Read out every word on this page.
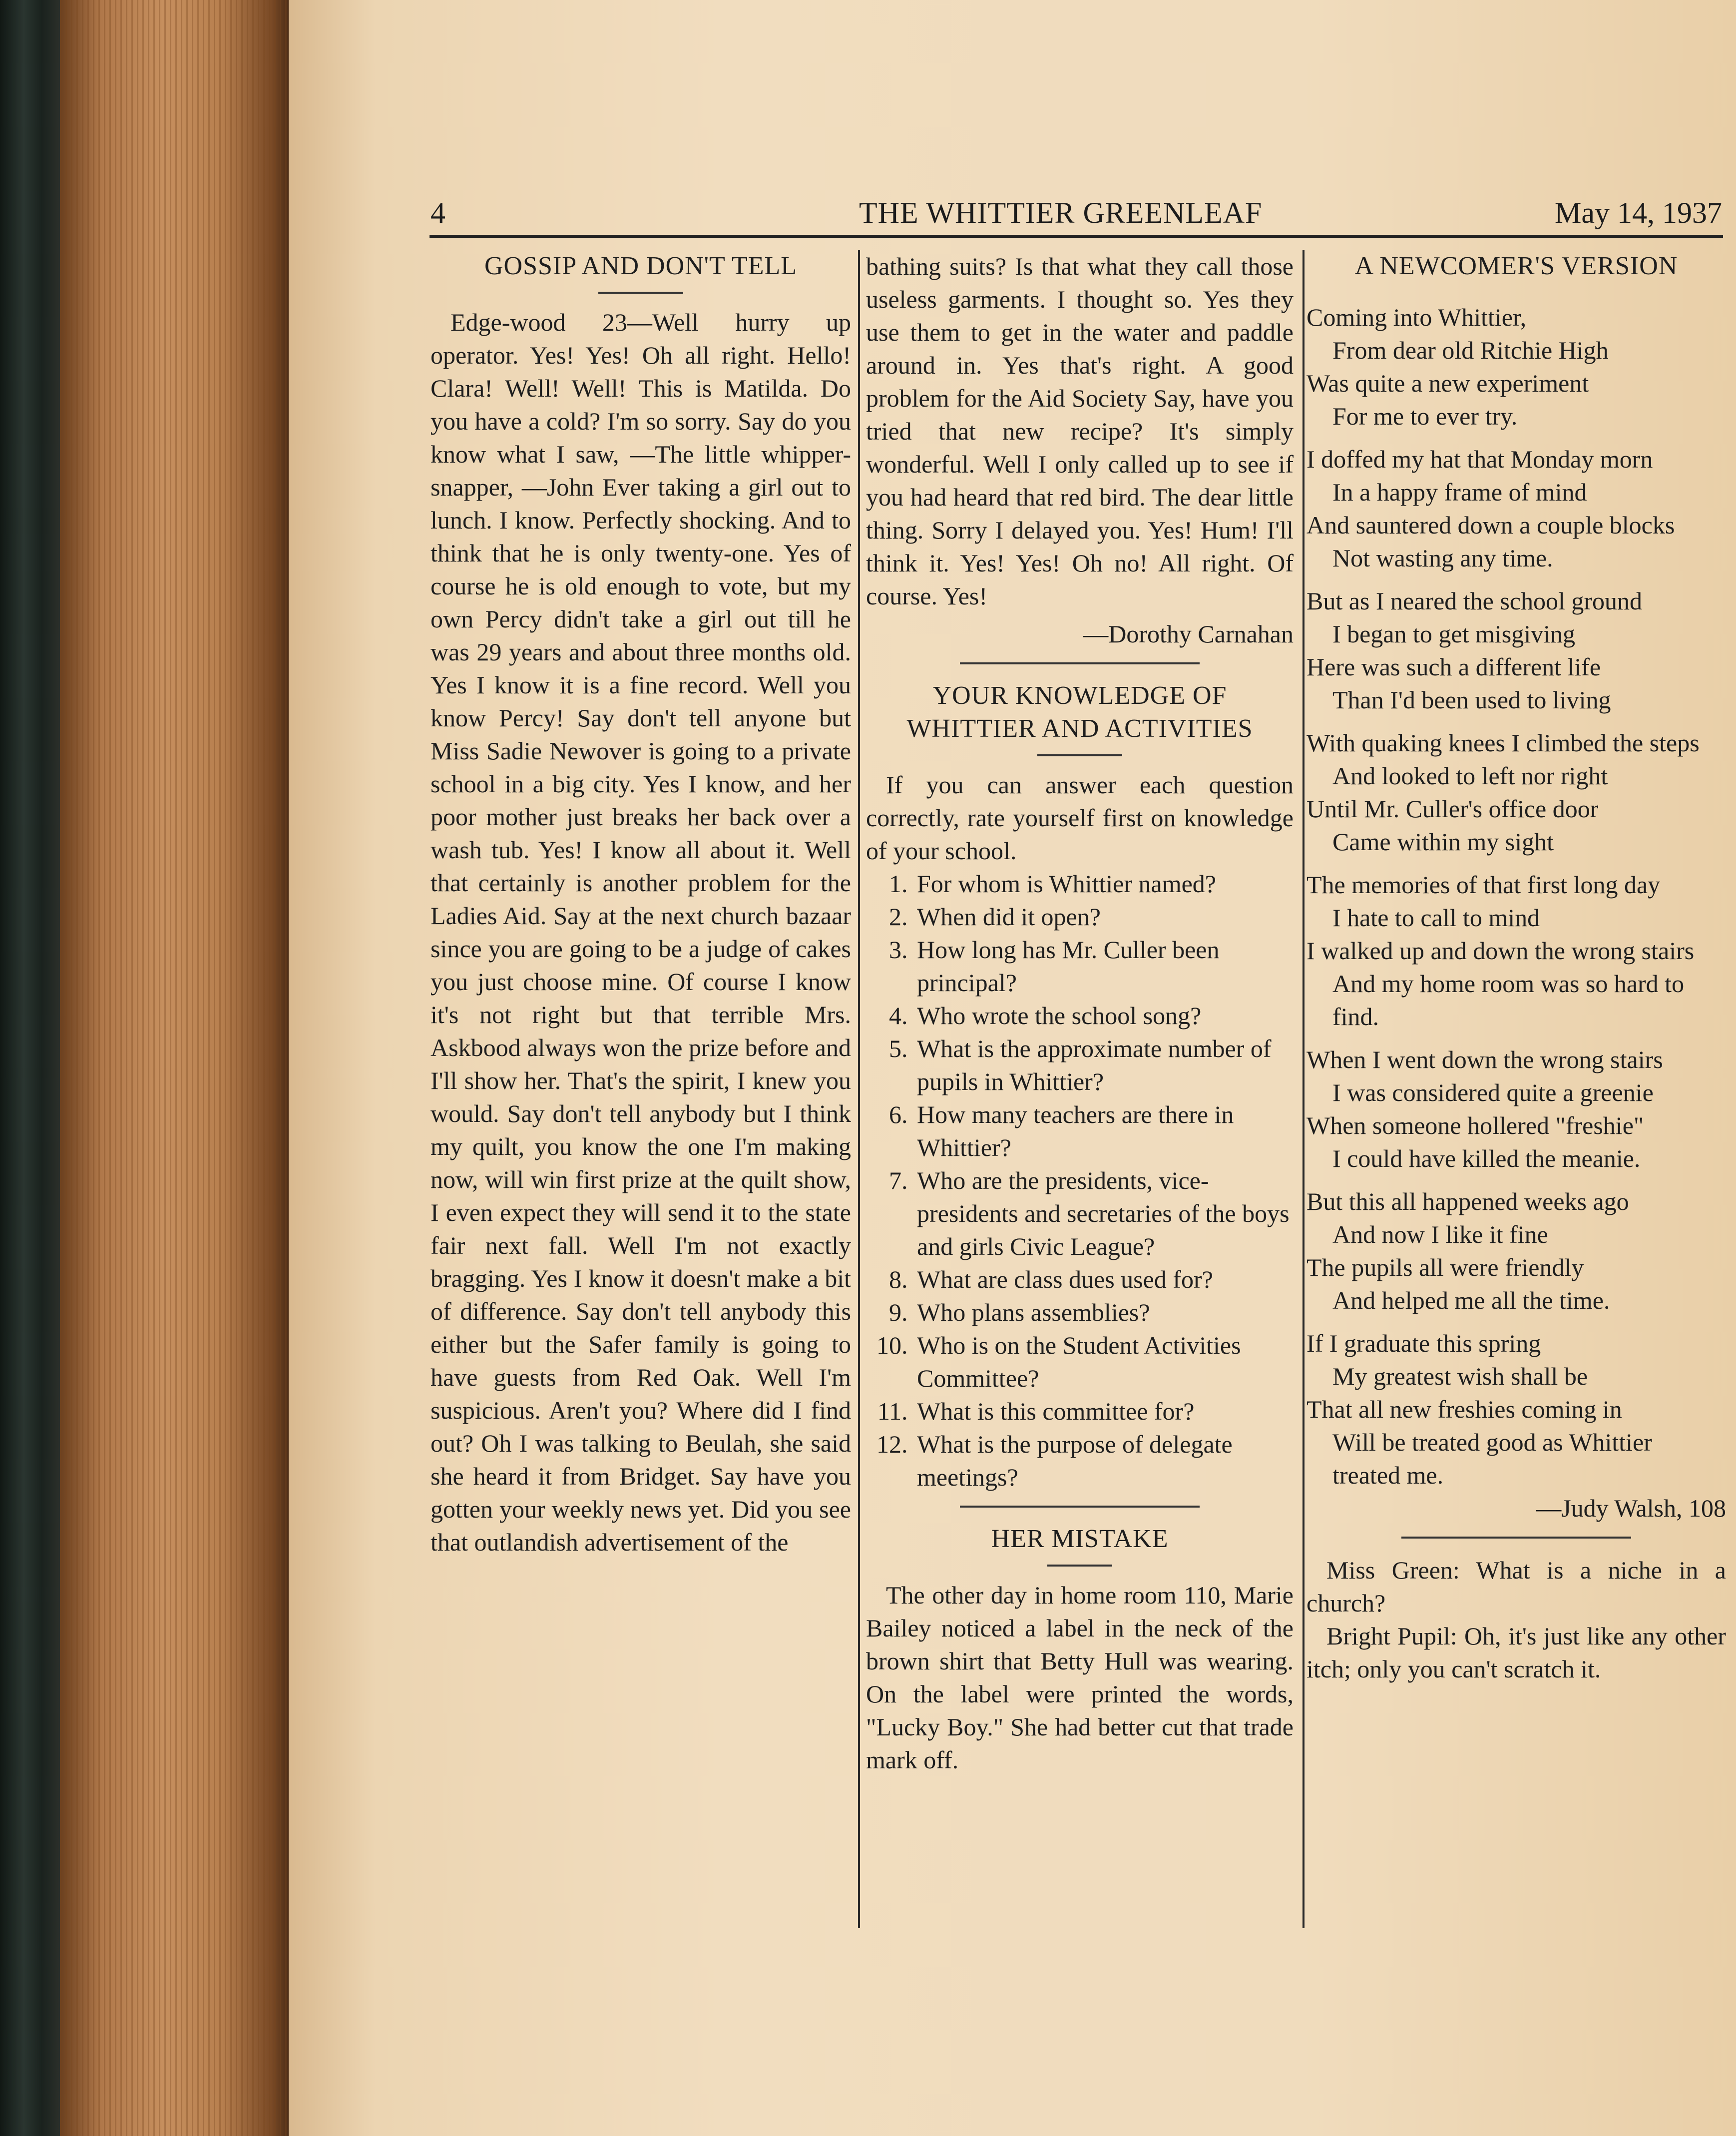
4	THE WHITTIER GREENLEAF	May 14, 1937
GOSSIP AND DON'T TELL

Edge-wood 23—Well hurry up operator. Yes! Yes! Oh all right. Hello! Clara! Well! Well! This is Matilda. Do you have a cold? I'm so sorry. Say do you know what I saw, —The little whipper-snapper, —John Ever taking a girl out to lunch. I know. Perfectly shocking. And to think that he is only twenty-one. Yes of course he is old enough to vote, but my own Percy didn't take a girl out till he was 29 years and about three months old. Yes I know it is a fine record. Well you know Percy! Say don't tell anyone but Miss Sadie Newover is going to a private school in a big city. Yes I know, and her poor mother just breaks her back over a wash tub. Yes! I know all about it. Well that certainly is another problem for the Ladies Aid. Say at the next church bazaar since you are going to be a judge of cakes you just choose mine. Of course I know it's not right but that terrible Mrs. Askbood always won the prize before and I'll show her. That's the spirit, I knew you would. Say don't tell anybody but I think my quilt, you know the one I'm making now, will win first prize at the quilt show, I even expect they will send it to the state fair next fall. Well I'm not exactly bragging. Yes I know it doesn't make a bit of difference. Say don't tell anybody this either but the Safer family is going to have guests from Red Oak. Well I'm suspicious. Aren't you? Where did I find out? Oh I was talking to Beulah, she said she heard it from Bridget. Say have you gotten your weekly news yet. Did you see that outlandish advertisement of the

bathing suits? Is that what they call those useless garments. I thought so. Yes they use them to get in the water and paddle around in. Yes that's right. A good problem for the Aid Society Say, have you tried that new recipe? It's simply wonderful. Well I only called up to see if you had heard that red bird. The dear little thing. Sorry I delayed you. Yes! Hum! I'll think it. Yes! Yes! Oh no! All right. Of course. Yes!

—Dorothy Carnahan

YOUR KNOWLEDGE OF
WHITTIER AND ACTIVITIES

If you can answer each question correctly, rate yourself first on knowledge of your school.

1. For whom is Whittier named?
2. When did it open?
3. How long has Mr. Culler been principal?
4. Who wrote the school song?
5. What is the approximate number of pupils in Whittier?
6. How many teachers are there in Whittier?
7. Who are the presidents, vice-presidents and secretaries of the boys and girls Civic League?
8. What are class dues used for?
9. Who plans assemblies?
10. Who is on the Student Activities Committee?
11. What is this committee for?
12. What is the purpose of delegate meetings?
HER MISTAKE

The other day in home room 110, Marie Bailey noticed a label in the neck of the brown shirt that Betty Hull was wearing. On the label were printed the words, "Lucky Boy." She had better cut that trade mark off.

A NEWCOMER'S VERSION

Coming into Whittier,

From dear old Ritchie High

Was quite a new experiment

For me to ever try.

I doffed my hat that Monday morn

In a happy frame of mind

And sauntered down a couple blocks

Not wasting any time.

But as I neared the school ground

I began to get misgiving

Here was such a different life

Than I'd been used to living

With quaking knees I climbed the steps

And looked to left nor right

Until Mr. Culler's office door

Came within my sight

The memories of that first long day

I hate to call to mind

I walked up and down the wrong stairs

And my home room was so hard to find.

When I went down the wrong stairs

I was considered quite a greenie

When someone hollered "freshie"

I could have killed the meanie.

But this all happened weeks ago

And now I like it fine

The pupils all were friendly

And helped me all the time.

If I graduate this spring

My greatest wish shall be

That all new freshies coming in

Will be treated good as Whittier treated me.

—Judy Walsh, 108

Miss Green: What is a niche in a church?

Bright Pupil: Oh, it's just like any other itch; only you can't scratch it.
